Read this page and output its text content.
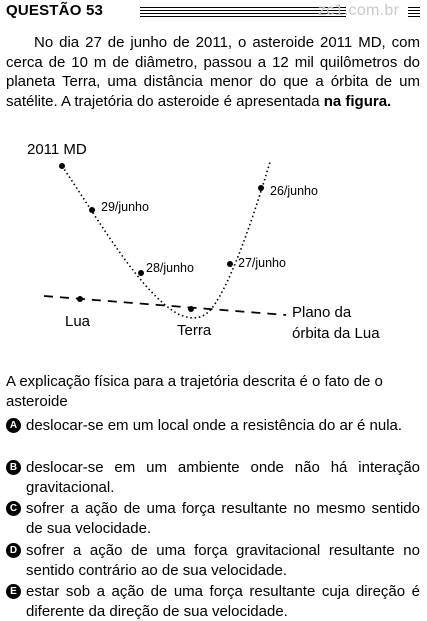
QUESTÃO 53	zc1.com.br

No dia 27 de junho de 2011, o asteroide 2011 MD, com cerca de 10 m de diâmetro, passou a 12 mil quilômetros do planeta Terra, uma distância menor do que a órbita de um satélite. A trajetória do asteroide é apresentada na figura.

2011 MD
29/junho
28/junho	27/junho
26/junho
Lua
Terra
Plano da
órbita da Lua

A explicação física para a trajetória descrita é o fato de o asteroide

A deslocar-se em um local onde a resistência do ar é nula.
B deslocar-se em um ambiente onde não há interação gravitacional.
C sofrer a ação de uma força resultante no mesmo sentido de sua velocidade.
D sofrer a ação de uma força gravitacional resultante no sentido contrário ao de sua velocidade.
E estar sob a ação de uma força resultante cuja direção é diferente da direção de sua velocidade.
